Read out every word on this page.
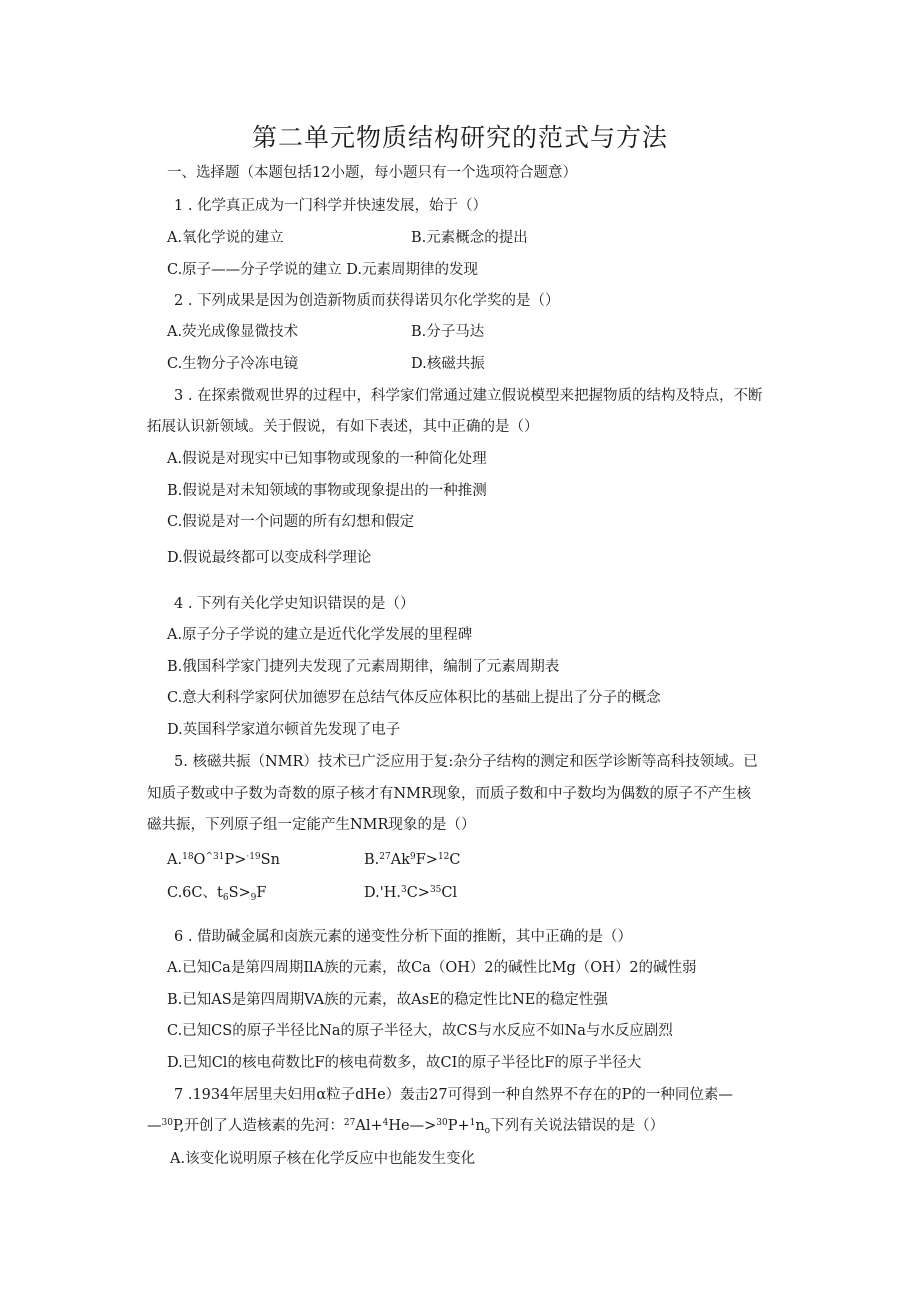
第二单元物质结构研究的范式与方法
一、选择题（本题包括12小题，每小题只有一个选项符合题意）
1 . 化学真正成为一门科学并快速发展，始于（）
A.氧化学说的建立	B.元素概念的提出
C.原子——分子学说的建立 D.元素周期律的发现
2 . 下列成果是因为创造新物质而获得诺贝尔化学奖的是（）
A.荧光成像显微技术	B.分子马达
C.生物分子冷冻电镜	D.核磁共振
3 . 在探索微观世界的过程中，科学家们常通过建立假说模型来把握物质的结构及特点，不断
拓展认识新领域。关于假说，有如下表述，其中正确的是（）
A.假说是对现实中已知事物或现象的一种简化处理
B.假说是对未知领域的事物或现象提出的一种推测
C.假说是对一个问题的所有幻想和假定
D.假说最终都可以变成科学理论
4 . 下列有关化学史知识错误的是（）
A.原子分子学说的建立是近代化学发展的里程碑
B.俄国科学家门捷列夫发现了元素周期律，编制了元素周期表
C.意大利科学家阿伏加德罗在总结气体反应体积比的基础上提出了分子的概念
D.英国科学家道尔顿首先发现了电子
5. 核磁共振（NMR）技术已广泛应用于复:杂分子结构的测定和医学诊断等高科技领域。已
知质子数或中子数为奇数的原子核才有NMR现象，而质子数和中子数均为偶数的原子不产生核
磁共振，下列原子组一定能产生NMR现象的是（）
$A.^{18}O^{\^{}31}P>^{\cdot 19}Sn$	$B.^{27}Ak^9F>^{12}C$
C.6C、$t_6S>_9F$	D.'H.$^3$C>$^{35}$Cl
6 . 借助碱金属和卤族元素的递变性分析下面的推断，其中正确的是（）
A.已知Ca是第四周期IlA族的元素，故Ca（OH）2的碱性比Mg（OH）2的碱性弱
B.已知AS是第四周期VA族的元素，故AsE的稳定性比NE的稳定性强
C.已知CS的原子半径比Na的原子半径大，故CS与水反应不如Na与水反应剧烈
D.已知Cl的核电荷数比F的核电荷数多，故CI的原子半径比F的原子半径大
7 .1934年居里夫妇用α粒子dHe）轰击27可得到一种自然界不存在的P的一种同位素—
—$^{30}$P,开创了人造核素的先河：$^{27}Al+^4He—>^{30}P+^1n_o$下列有关说法错误的是（）
A.该变化说明原子核在化学反应中也能发生变化
